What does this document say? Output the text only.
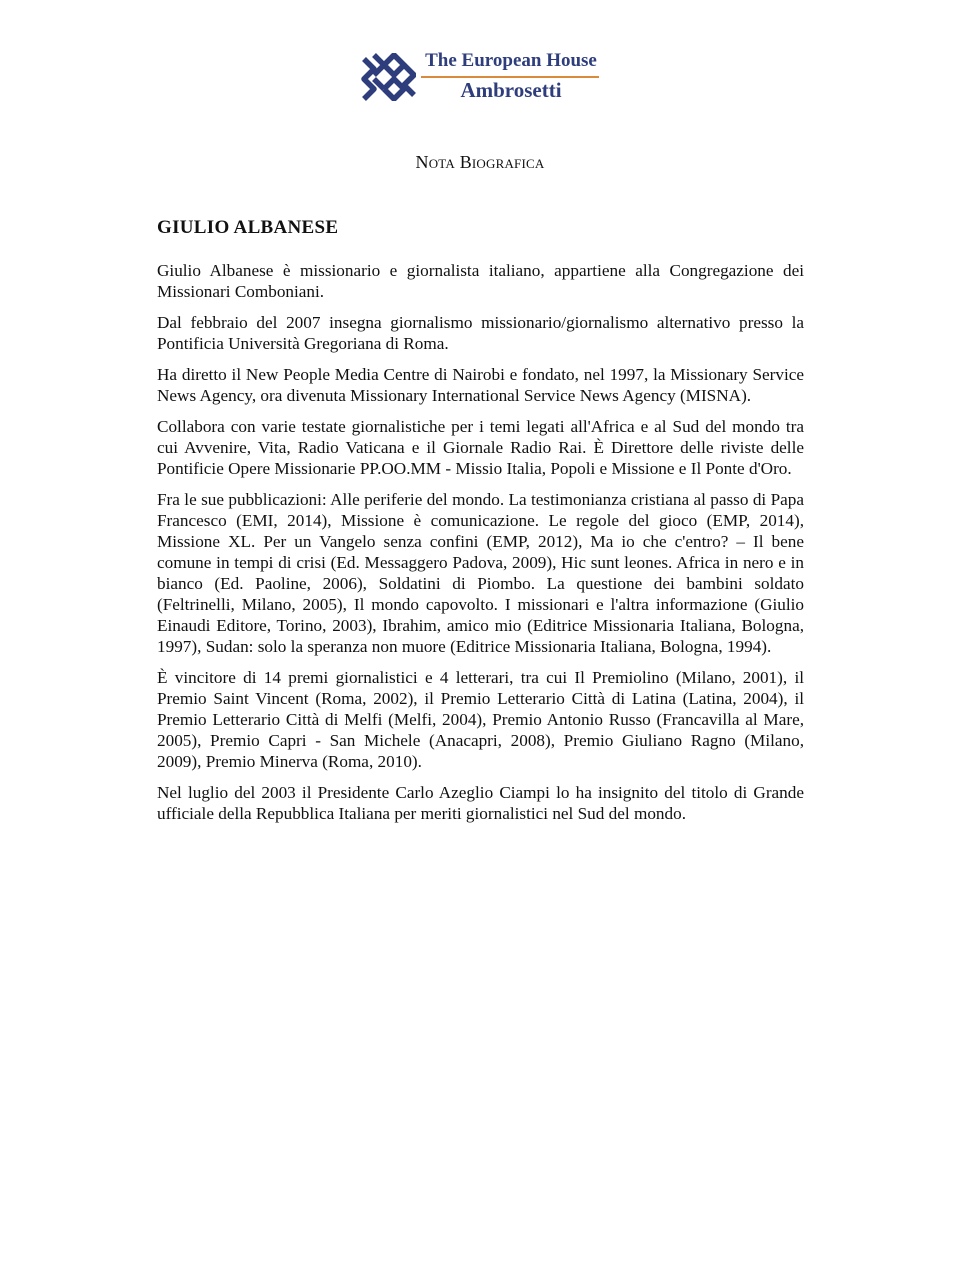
The European House
Ambrosetti
Nota Biografica
GIULIO ALBANESE

Giulio Albanese è missionario e giornalista italiano, appartiene alla Congregazione dei Missionari Comboniani.

Dal febbraio del 2007 insegna giornalismo missionario/giornalismo alternativo presso la Pontificia Università Gregoriana di Roma.

Ha diretto il New People Media Centre di Nairobi e fondato, nel 1997, la Missionary Service News Agency, ora divenuta Missionary International Service News Agency (MISNA).

Collabora con varie testate giornalistiche per i temi legati all'Africa e al Sud del mondo tra cui Avvenire, Vita, Radio Vaticana e il Giornale Radio Rai. È Direttore delle riviste delle Pontificie Opere Missionarie PP.OO.MM - Missio Italia, Popoli e Missione e Il Ponte d'Oro.

Fra le sue pubblicazioni: Alle periferie del mondo. La testimonianza cristiana al passo di Papa Francesco (EMI, 2014), Missione è comunicazione. Le regole del gioco (EMP, 2014), Missione XL. Per un Vangelo senza confini (EMP, 2012), Ma io che c'entro? – Il bene comune in tempi di crisi (Ed. Messaggero Padova, 2009), Hic sunt leones. Africa in nero e in bianco (Ed. Paoline, 2006), Soldatini di Piombo. La questione dei bambini soldato (Feltrinelli, Milano, 2005), Il mondo capovolto. I missionari e l'altra informazione (Giulio Einaudi Editore, Torino, 2003), Ibrahim, amico mio (Editrice Missionaria Italiana, Bologna, 1997), Sudan: solo la speranza non muore (Editrice Missionaria Italiana, Bologna, 1994).

È vincitore di 14 premi giornalistici e 4 letterari, tra cui Il Premiolino (Milano, 2001), il Premio Saint Vincent (Roma, 2002), il Premio Letterario Città di Latina (Latina, 2004), il Premio Letterario Città di Melfi (Melfi, 2004), Premio Antonio Russo (Francavilla al Mare, 2005), Premio Capri - San Michele (Anacapri, 2008), Premio Giuliano Ragno (Milano, 2009), Premio Minerva (Roma, 2010).

Nel luglio del 2003 il Presidente Carlo Azeglio Ciampi lo ha insignito del titolo di Grande ufficiale della Repubblica Italiana per meriti giornalistici nel Sud del mondo.
